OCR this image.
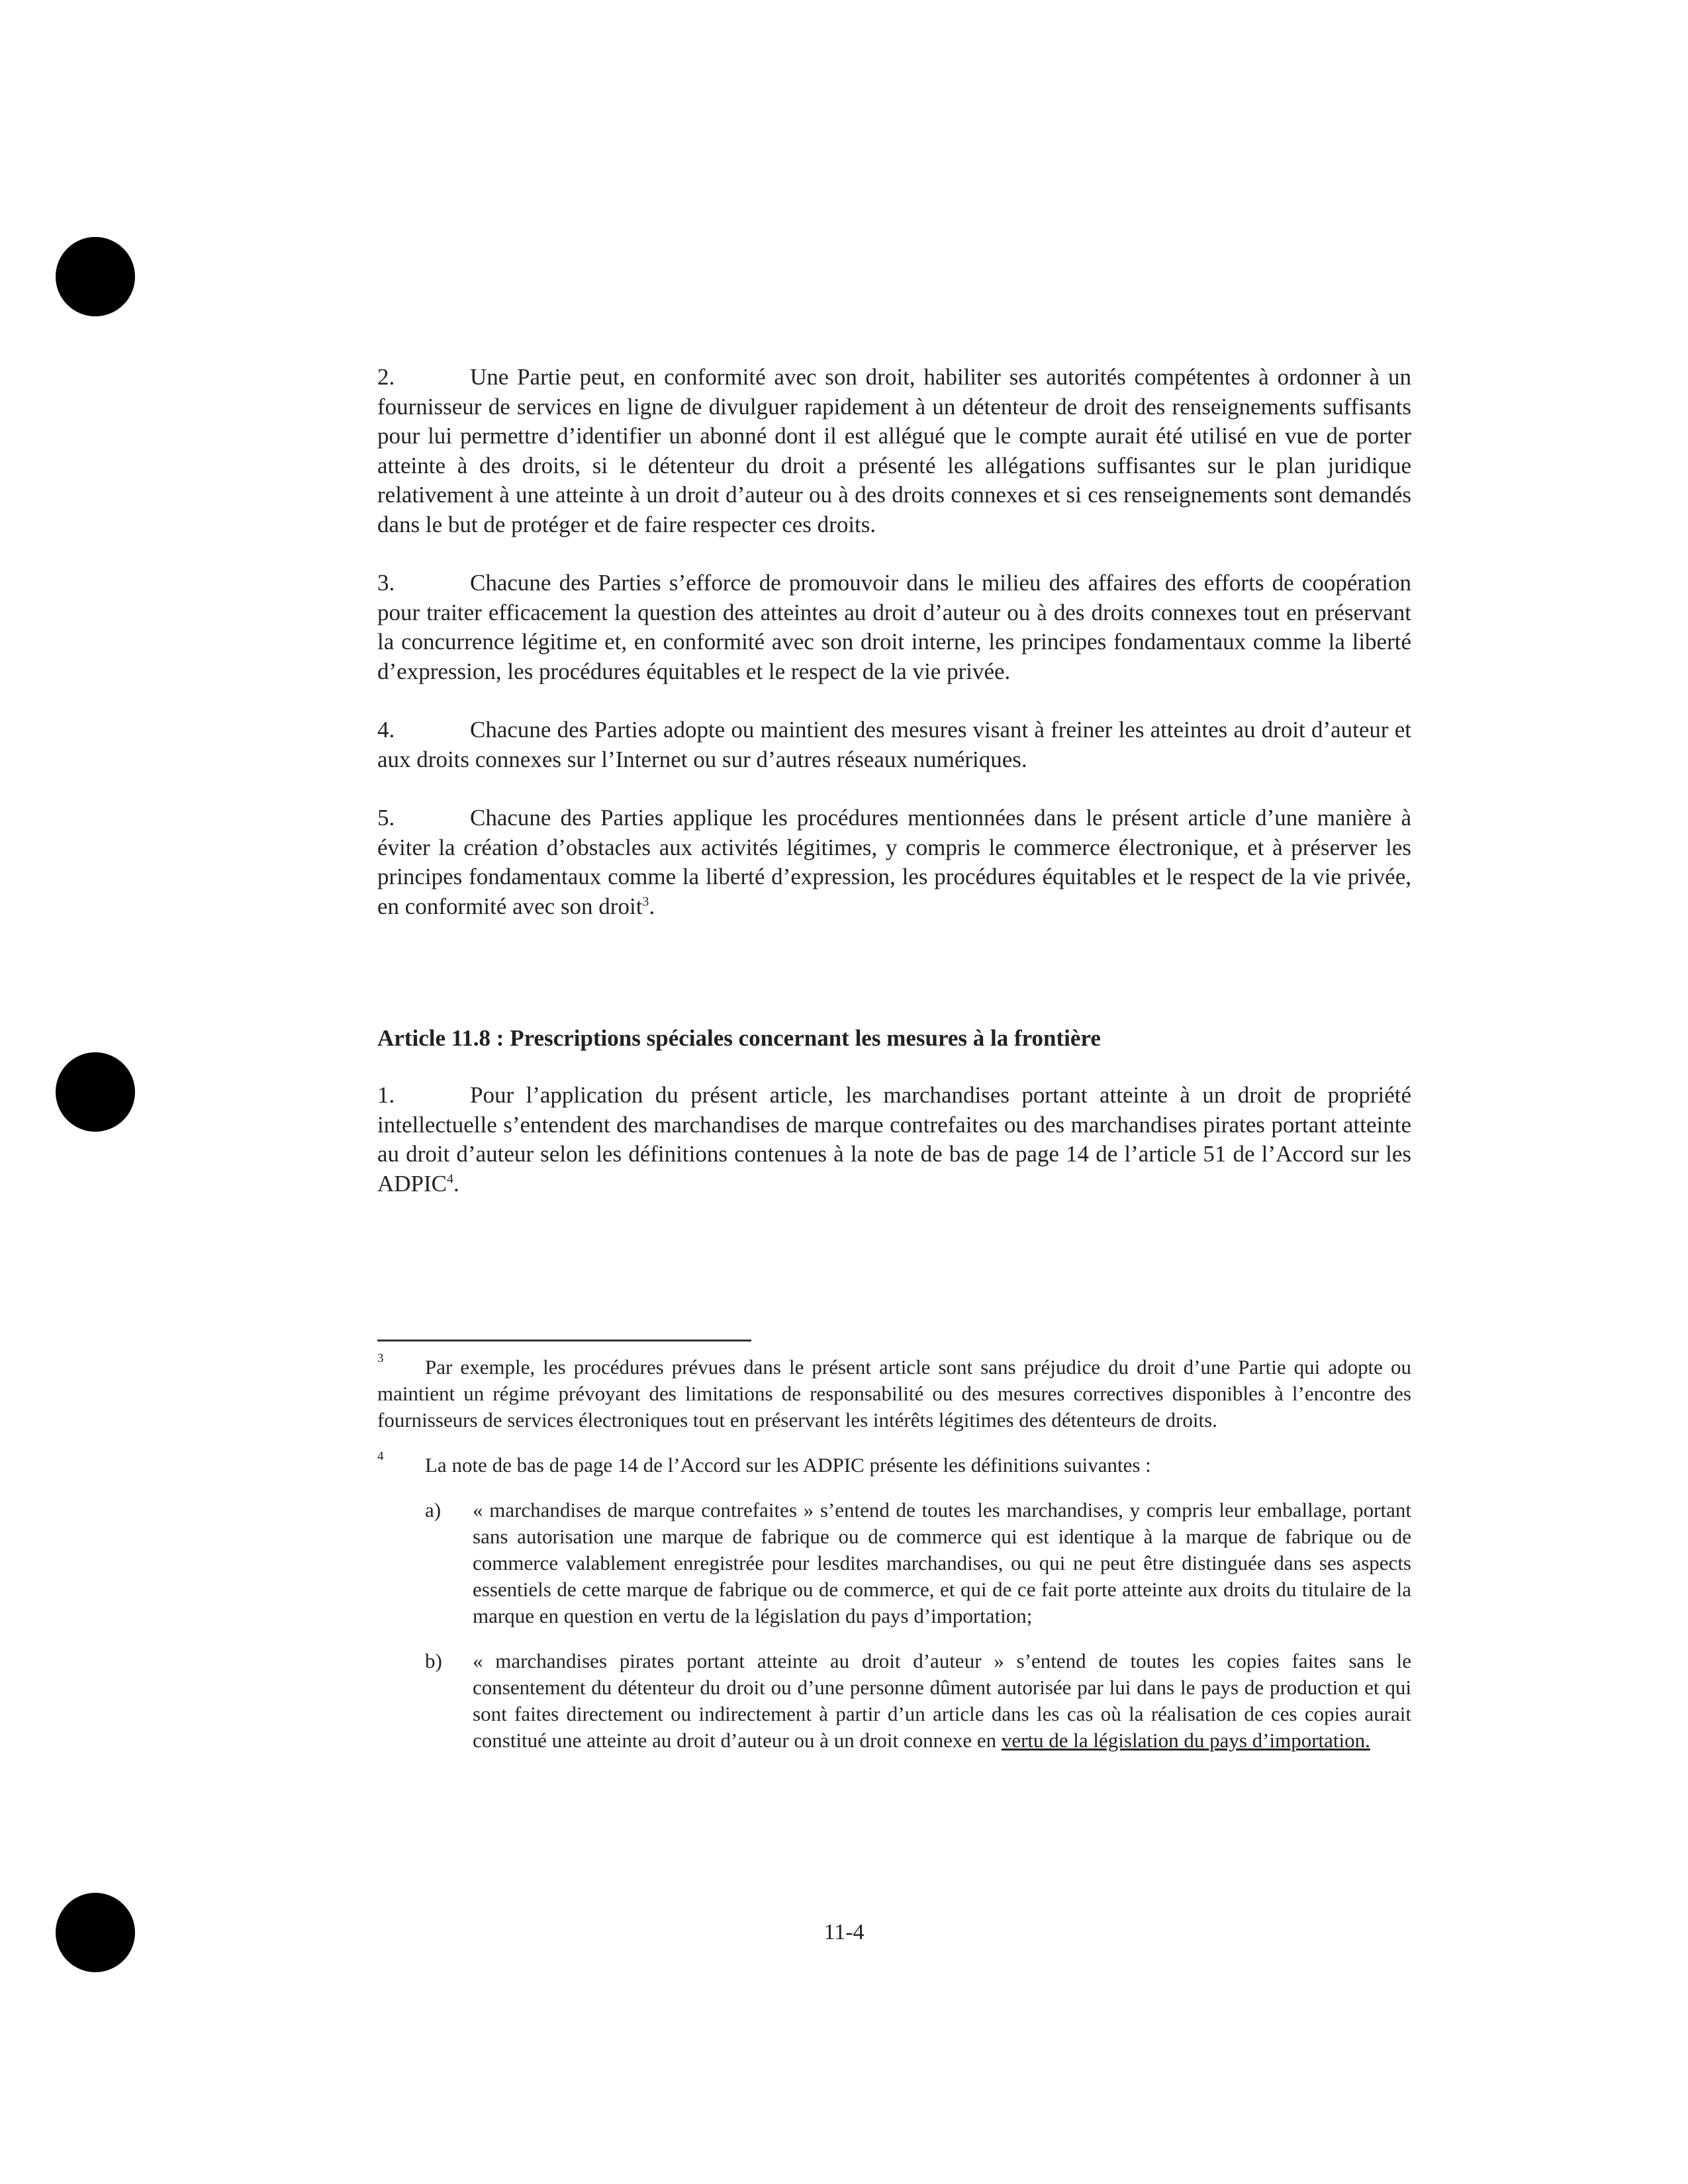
2.	Une Partie peut, en conformité avec son droit, habiliter ses autorités compétentes à ordonner à un fournisseur de services en ligne de divulguer rapidement à un détenteur de droit des renseignements suffisants pour lui permettre d’identifier un abonné dont il est allégué que le compte aurait été utilisé en vue de porter atteinte à des droits, si le détenteur du droit a présenté les allégations suffisantes sur le plan juridique relativement à une atteinte à un droit d’auteur ou à des droits connexes et si ces renseignements sont demandés dans le but de protéger et de faire respecter ces droits.

3.	Chacune des Parties s’efforce de promouvoir dans le milieu des affaires des efforts de coopération pour traiter efficacement la question des atteintes au droit d’auteur ou à des droits connexes tout en préservant la concurrence légitime et, en conformité avec son droit interne, les principes fondamentaux comme la liberté d’expression, les procédures équitables et le respect de la vie privée.

4.	Chacune des Parties adopte ou maintient des mesures visant à freiner les atteintes au droit d’auteur et aux droits connexes sur l’Internet ou sur d’autres réseaux numériques.

5.	Chacune des Parties applique les procédures mentionnées dans le présent article d’une manière à éviter la création d’obstacles aux activités légitimes, y compris le commerce électronique, et à préserver les principes fondamentaux comme la liberté d’expression, les procédures équitables et le respect de la vie privée, en conformité avec son droit$^3$.

Article 11.8 : Prescriptions spéciales concernant les mesures à la frontière

1.	Pour l’application du présent article, les marchandises portant atteinte à un droit de propriété intellectuelle s’entendent des marchandises de marque contrefaites ou des marchandises pirates portant atteinte au droit d’auteur selon les définitions contenues à la note de bas de page 14 de l’article 51 de l’Accord sur les ADPIC$^4$.

3 Par exemple, les procédures prévues dans le présent article sont sans préjudice du droit d’une Partie qui adopte ou maintient un régime prévoyant des limitations de responsabilité ou des mesures correctives disponibles à l’encontre des fournisseurs de services électroniques tout en préservant les intérêts légitimes des détenteurs de droits.

4 La note de bas de page 14 de l’Accord sur les ADPIC présente les définitions suivantes :

a) « marchandises de marque contrefaites » s’entend de toutes les marchandises, y compris leur emballage, portant sans autorisation une marque de fabrique ou de commerce qui est identique à la marque de fabrique ou de commerce valablement enregistrée pour lesdites marchandises, ou qui ne peut être distinguée dans ses aspects essentiels de cette marque de fabrique ou de commerce, et qui de ce fait porte atteinte aux droits du titulaire de la marque en question en vertu de la législation du pays d’importation;

b) « marchandises pirates portant atteinte au droit d’auteur » s’entend de toutes les copies faites sans le consentement du détenteur du droit ou d’une personne dûment autorisée par lui dans le pays de production et qui sont faites directement ou indirectement à partir d’un article dans les cas où la réalisation de ces copies aurait constitué une atteinte au droit d’auteur ou à un droit connexe en vertu de la législation du pays d’importation.

11-4
